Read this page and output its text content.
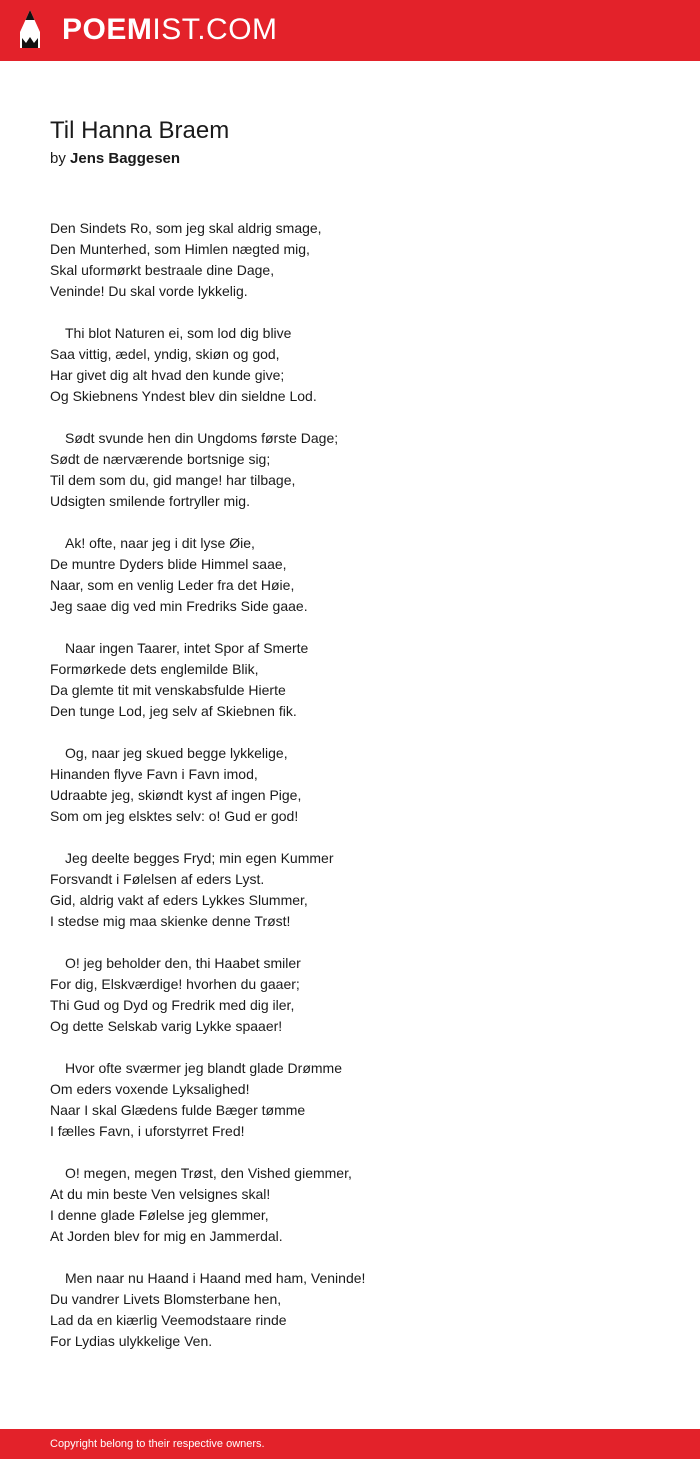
POEMIST.COM
Til Hanna Braem
by Jens Baggesen
Den Sindets Ro, som jeg skal aldrig smage,
Den Munterhed, som Himlen nægted mig,
Skal uformørkt bestraale dine Dage,
Veninde! Du skal vorde lykkelig.
Thi blot Naturen ei, som lod dig blive
Saa vittig, ædel, yndig, skiøn og god,
Har givet dig alt hvad den kunde give;
Og Skiebnens Yndest blev din sieldne Lod.
Sødt svunde hen din Ungdoms første Dage;
Sødt de nærværende bortsnige sig;
Til dem som du, gid mange! har tilbage,
Udsigten smilende fortryller mig.
Ak! ofte, naar jeg i dit lyse Øie,
De muntre Dyders blide Himmel saae,
Naar, som en venlig Leder fra det Høie,
Jeg saae dig ved min Fredriks Side gaae.
Naar ingen Taarer, intet Spor af Smerte
Formørkede dets englemilde Blik,
Da glemte tit mit venskabsfulde Hierte
Den tunge Lod, jeg selv af Skiebnen fik.
Og, naar jeg skued begge lykkelige,
Hinanden flyve Favn i Favn imod,
Udraabte jeg, skiøndt kyst af ingen Pige,
Som om jeg elsktes selv: o! Gud er god!
Jeg deelte begges Fryd; min egen Kummer
Forsvandt i Følelsen af eders Lyst.
Gid, aldrig vakt af eders Lykkes Slummer,
I stedse mig maa skienke denne Trøst!
O! jeg beholder den, thi Haabet smiler
For dig, Elskværdige! hvorhen du gaaer;
Thi Gud og Dyd og Fredrik med dig iler,
Og dette Selskab varig Lykke spaaer!
Hvor ofte sværmer jeg blandt glade Drømme
Om eders voxende Lyksalighed!
Naar I skal Glædens fulde Bæger tømme
I fælles Favn, i uforstyrret Fred!
O! megen, megen Trøst, den Vished giemmer,
At du min beste Ven velsignes skal!
I denne glade Følelse jeg glemmer,
At Jorden blev for mig en Jammerdal.
Men naar nu Haand i Haand med ham, Veninde!
Du vandrer Livets Blomsterbane hen,
Lad da en kiærlig Veemodstaare rinde
For Lydias ulykkelige Ven.
Copyright belong to their respective owners.
